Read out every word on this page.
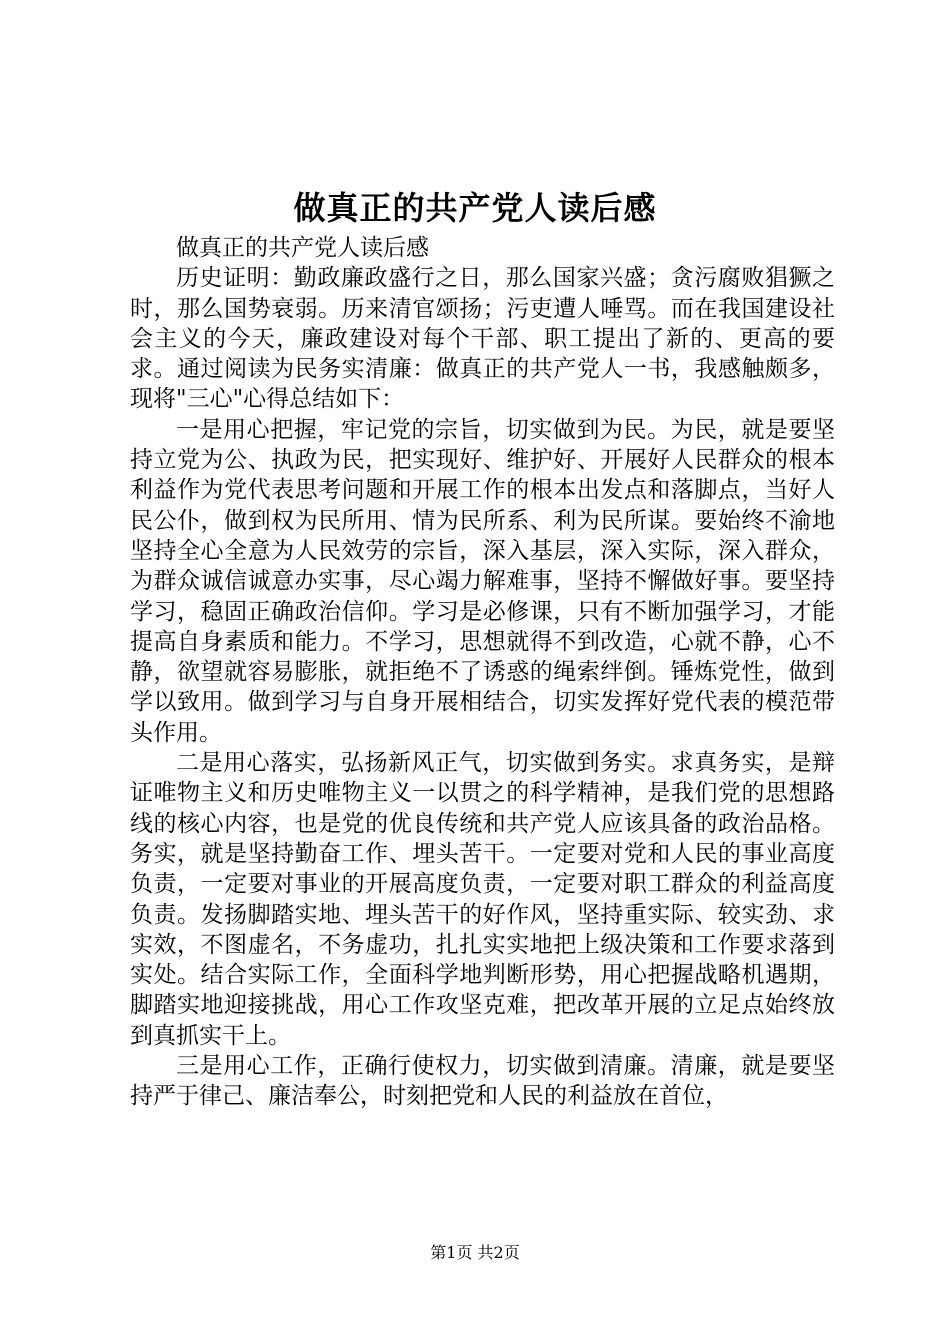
做真正的共产党人读后感

做真正的共产党人读后感

历史证明：勤政廉政盛行之日，那么国家兴盛；贪污腐败猖獗之时，那么国势衰弱。历来清官颂扬；污吏遭人唾骂。而在我国建设社会主义的今天，廉政建设对每个干部、职工提出了新的、更高的要求。通过阅读为民务实清廉：做真正的共产党人一书，我感触颇多，现将"三心"心得总结如下：

一是用心把握，牢记党的宗旨，切实做到为民。为民，就是要坚持立党为公、执政为民，把实现好、维护好、开展好人民群众的根本利益作为党代表思考问题和开展工作的根本出发点和落脚点，当好人民公仆，做到权为民所用、情为民所系、利为民所谋。要始终不渝地坚持全心全意为人民效劳的宗旨，深入基层，深入实际，深入群众，为群众诚信诚意办实事，尽心竭力解难事，坚持不懈做好事。要坚持学习，稳固正确政治信仰。学习是必修课，只有不断加强学习，才能提高自身素质和能力。不学习，思想就得不到改造，心就不静，心不静，欲望就容易膨胀，就拒绝不了诱惑的绳索绊倒。锤炼党性，做到学以致用。做到学习与自身开展相结合，切实发挥好党代表的模范带头作用。

二是用心落实，弘扬新风正气，切实做到务实。求真务实，是辩证唯物主义和历史唯物主义一以贯之的科学精神，是我们党的思想路线的核心内容，也是党的优良传统和共产党人应该具备的政治品格。务实，就是坚持勤奋工作、埋头苦干。一定要对党和人民的事业高度负责，一定要对事业的开展高度负责，一定要对职工群众的利益高度负责。发扬脚踏实地、埋头苦干的好作风，坚持重实际、较实劲、求实效，不图虚名，不务虚功，扎扎实实地把上级决策和工作要求落到实处。结合实际工作，全面科学地判断形势，用心把握战略机遇期，脚踏实地迎接挑战，用心工作攻坚克难，把改革开展的立足点始终放到真抓实干上。

三是用心工作，正确行使权力，切实做到清廉。清廉，就是要坚持严于律己、廉洁奉公，时刻把党和人民的利益放在首位，

第1页 共2页
